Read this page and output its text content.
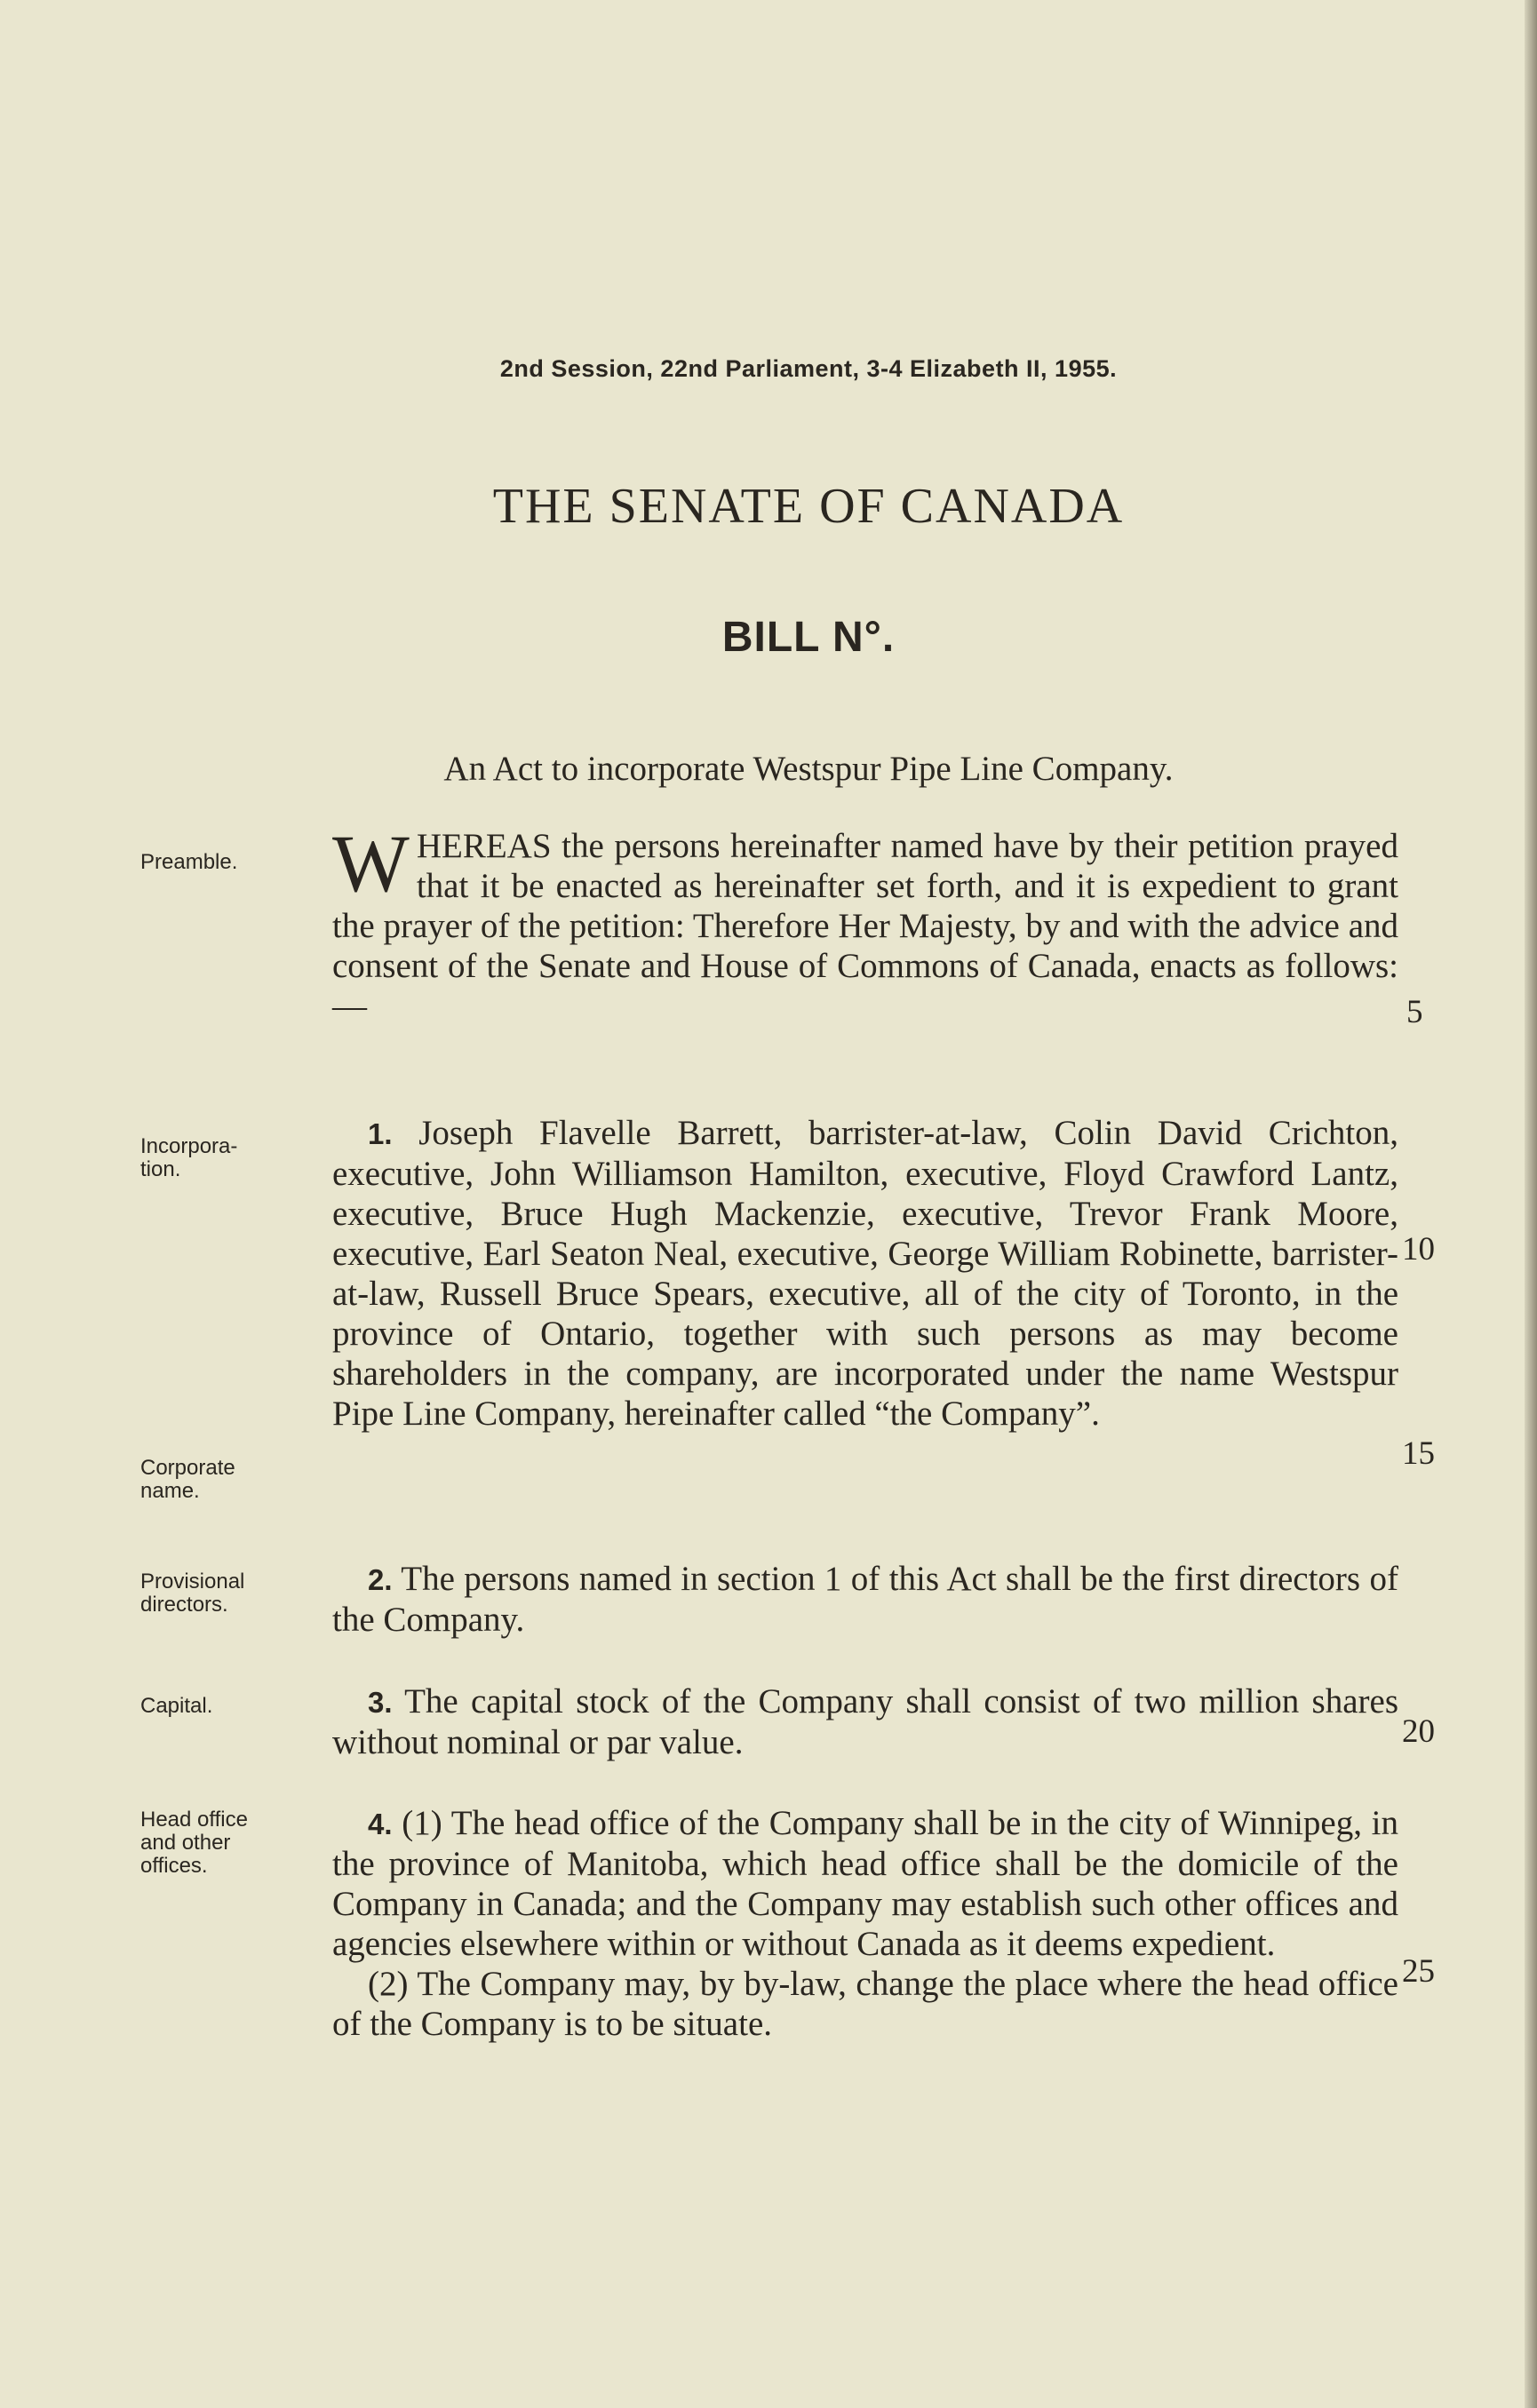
2nd Session, 22nd Parliament, 3-4 Elizabeth II, 1955.
THE SENATE OF CANADA
BILL N°.
An Act to incorporate Westspur Pipe Line Company.
Preamble.
Incorpora-
tion.
Corporate
name.
Provisional
directors.
Capital.
Head office
and other
offices.
WHEREAS the persons hereinafter named have by their petition prayed that it be enacted as hereinafter set forth, and it is expedient to grant the prayer of the petition: Therefore Her Majesty, by and with the advice and consent of the Senate and House of Commons of Canada, enacts as follows:—

1. Joseph Flavelle Barrett, barrister-at-law, Colin David Crichton, executive, John Williamson Hamilton, executive, Floyd Crawford Lantz, executive, Bruce Hugh Mackenzie, executive, Trevor Frank Moore, executive, Earl Seaton Neal, executive, George William Robinette, barrister-at-law, Russell Bruce Spears, executive, all of the city of Toronto, in the province of Ontario, together with such persons as may become shareholders in the company, are incorporated under the name Westspur Pipe Line Company, hereinafter called “the Company”.

2. The persons named in section 1 of this Act shall be the first directors of the Company.

3. The capital stock of the Company shall consist of two million shares without nominal or par value.

4. (1) The head office of the Company shall be in the city of Winnipeg, in the province of Manitoba, which head office shall be the domicile of the Company in Canada; and the Company may establish such other offices and agencies elsewhere within or without Canada as it deems expedient.

(2) The Company may, by by-law, change the place where the head office of the Company is to be situate.

5
10
15
20
25
